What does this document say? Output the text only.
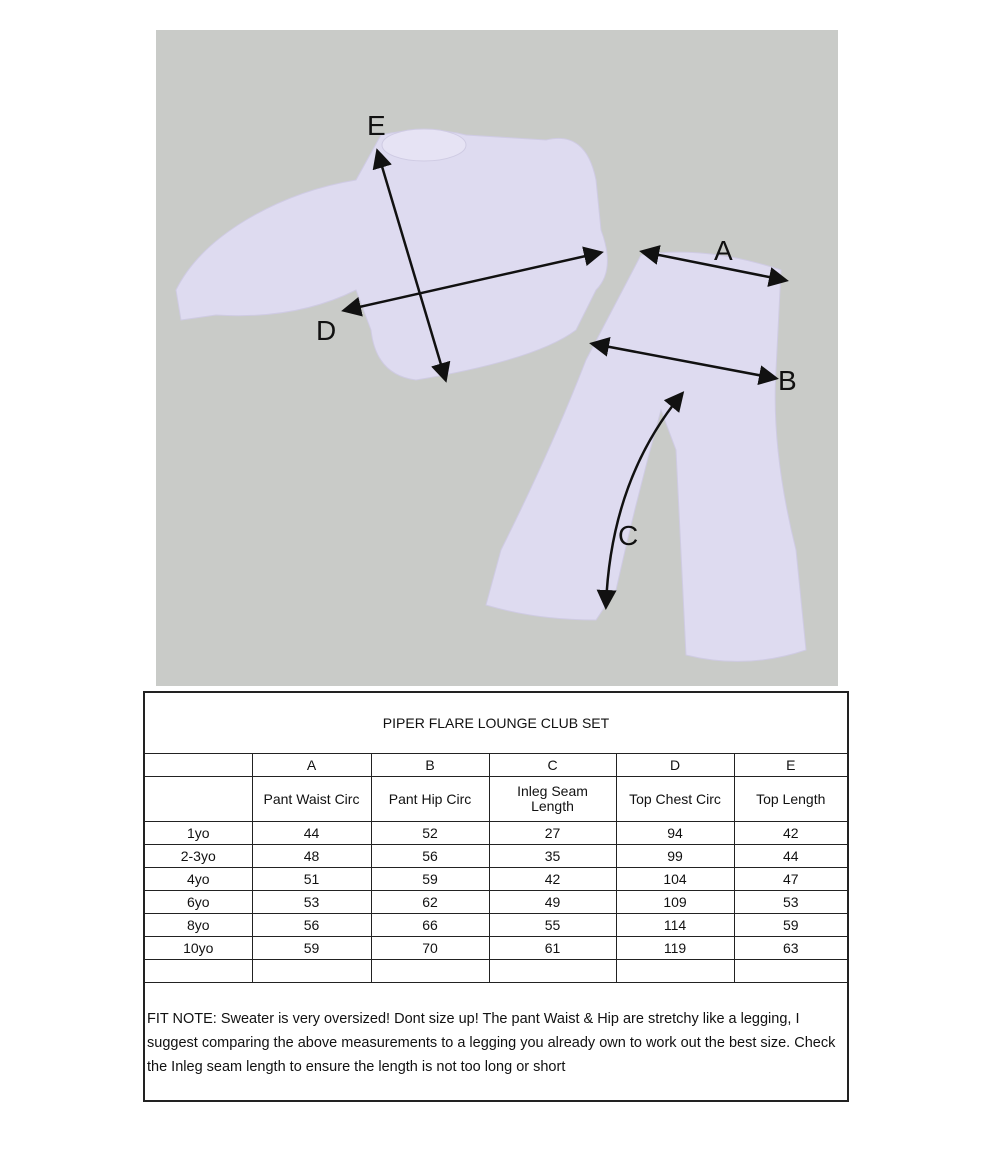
A
B
C
D
E
PIPER FLARE LOUNGE CLUB SET					
	A	B	C	D	E
	Pant Waist Circ	Pant Hip Circ	Inleg Seam Length	Top Chest Circ	Top Length
1yo	44	52	27	94	42
2-3yo	48	56	35	99	44
4yo	51	59	42	104	47
6yo	53	62	49	109	53
8yo	56	66	55	114	59
10yo	59	70	61	119	63

FIT NOTE: Sweater is very oversized! Dont size up! The pant Waist & Hip are stretchy like a legging, I suggest comparing the above measurements to a legging you already own to work out the best size. Check the Inleg seam length to ensure the length is not too long or short
